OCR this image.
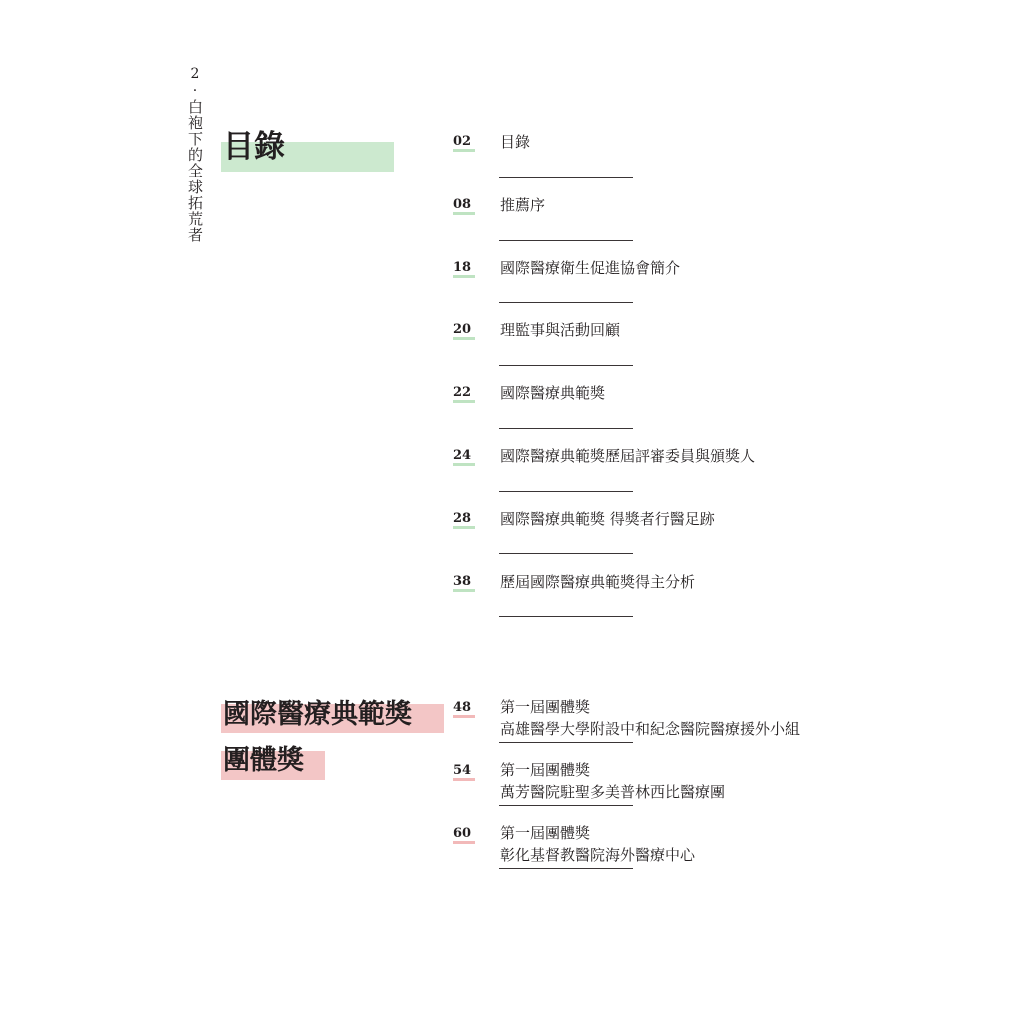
2
·
白袍下的全球拓荒者 目錄
國際醫療典範獎
團體獎
02	目錄
08	推薦序
18	國際醫療衛生促進協會簡介
20	理監事與活動回顧
22	國際醫療典範獎
24	國際醫療典範獎歷屆評審委員與頒獎人
28	國際醫療典範獎 得獎者行醫足跡
38	歷屆國際醫療典範獎得主分析
48	第一屆團體獎
高雄醫學大學附設中和紀念醫院醫療援外小組
54	第一屆團體獎
萬芳醫院駐聖多美普林西比醫療團
60	第一屆團體獎
彰化基督教醫院海外醫療中心
